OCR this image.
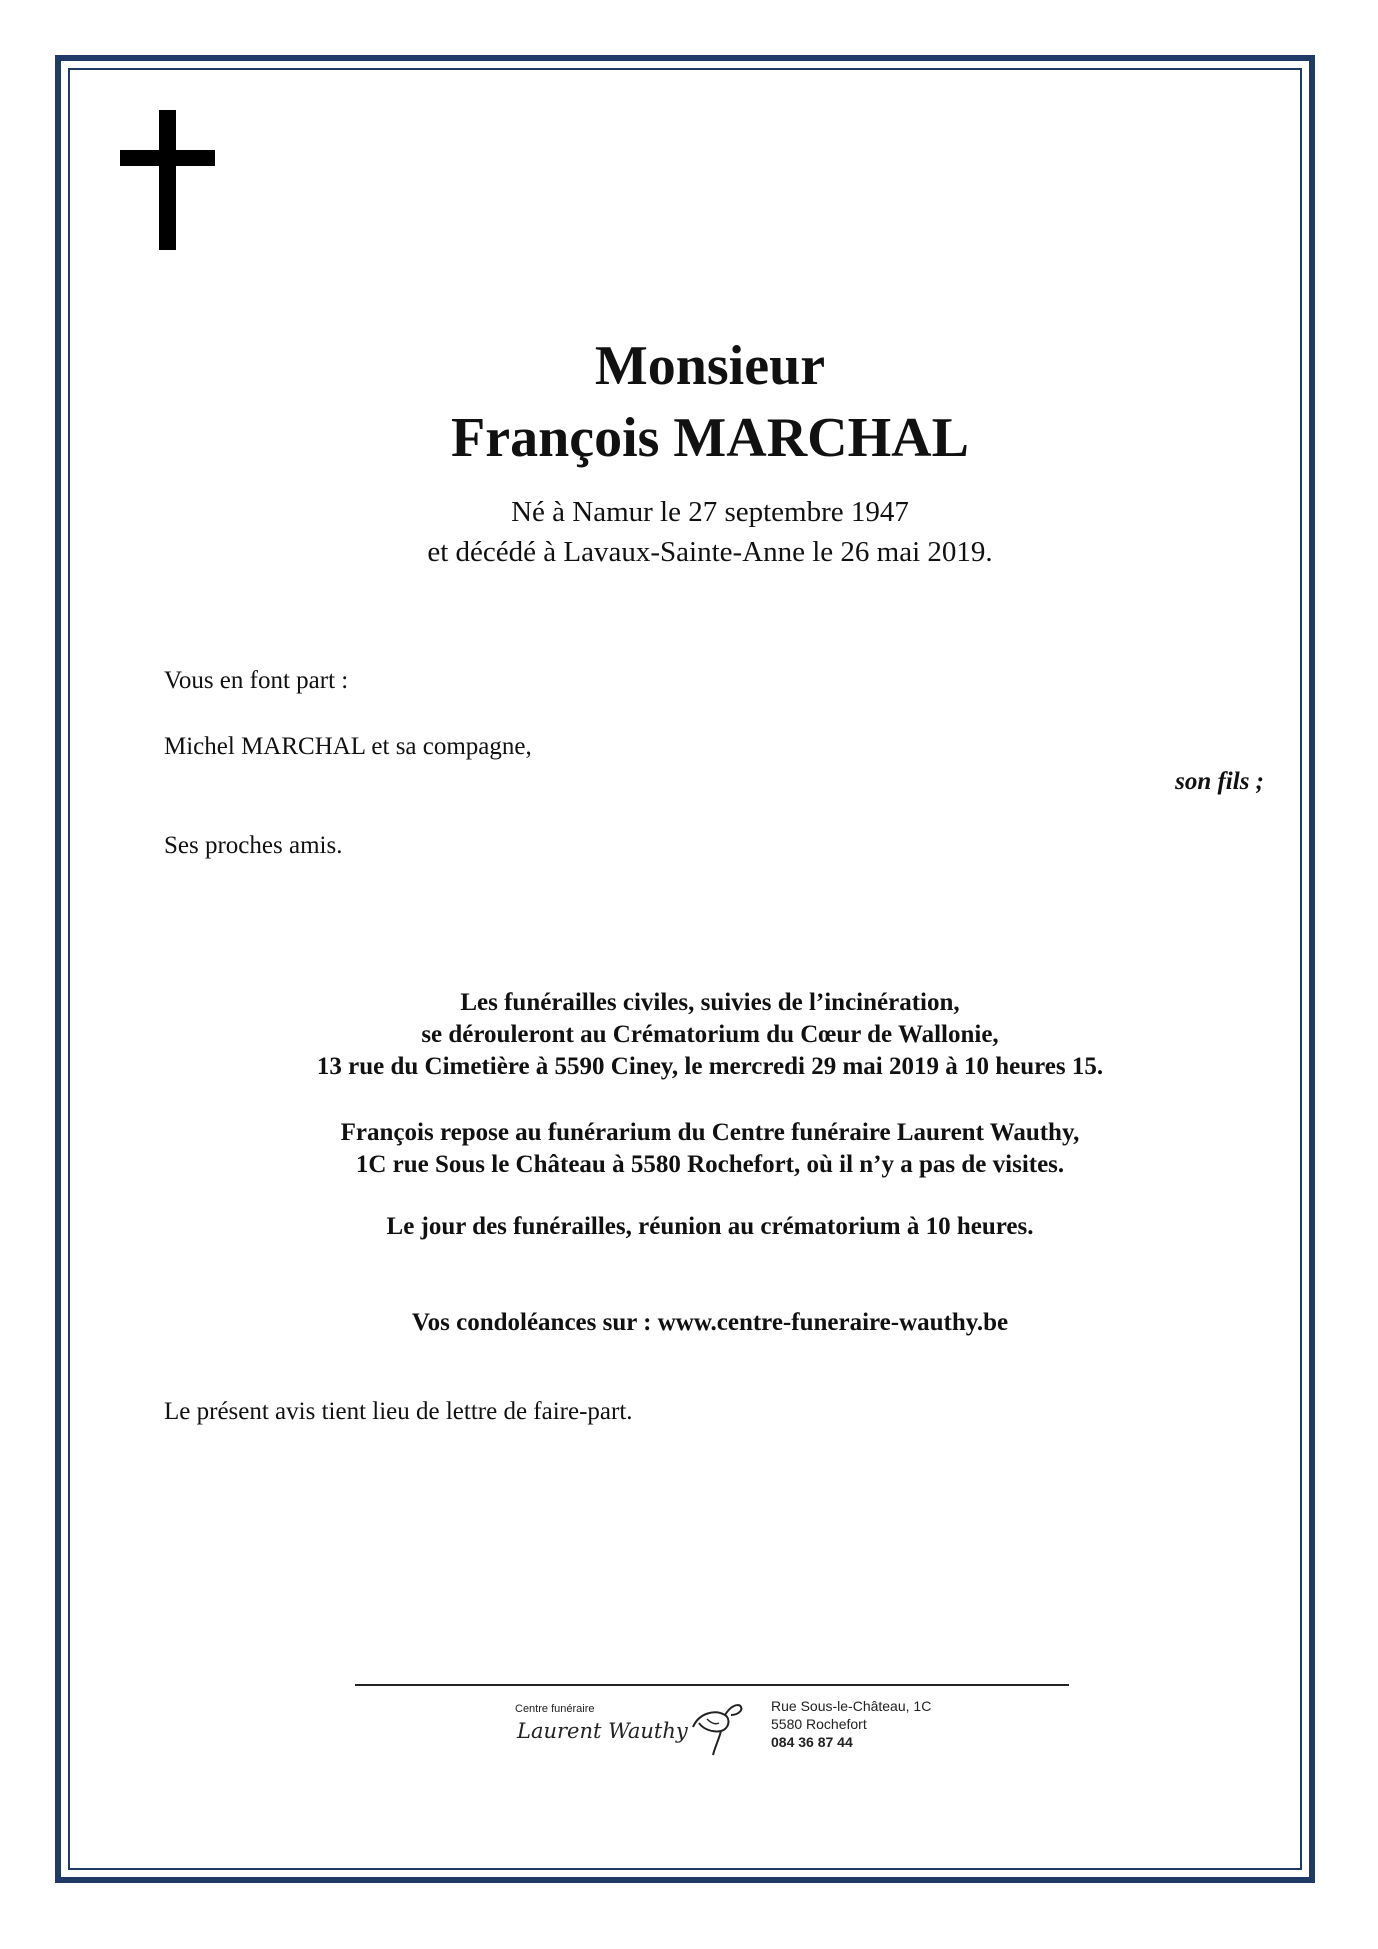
Monsieur
François MARCHAL
Né à Namur le 27 septembre 1947
et décédé à Lavaux-Sainte-Anne le 26 mai 2019.
Vous en font part :
Michel MARCHAL et sa compagne,
son fils ;
Ses proches amis.
Les funérailles civiles, suivies de l’incinération,
se dérouleront au Crématorium du Cœur de Wallonie,
13 rue du Cimetière à 5590 Ciney, le mercredi 29 mai 2019 à 10 heures 15.
François repose au funérarium du Centre funéraire Laurent Wauthy,
1C rue Sous le Château à 5580 Rochefort, où il n’y a pas de visites.
Le jour des funérailles, réunion au crématorium à 10 heures.
Vos condoléances sur : www.centre-funeraire-wauthy.be
Le présent avis tient lieu de lettre de faire-part.
Centre funéraire
Laurent Wauthy
Rue Sous-le-Château, 1C
5580 Rochefort
084 36 87 44
